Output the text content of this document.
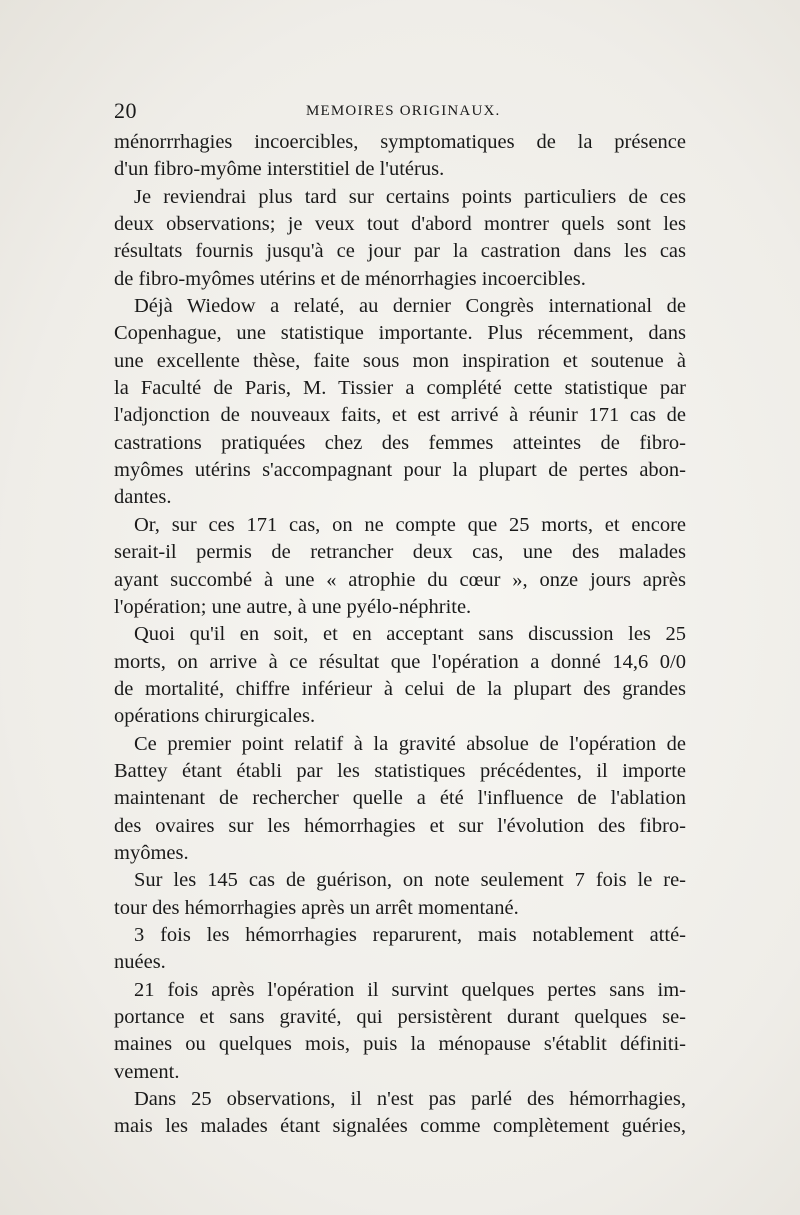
20	MEMOIRES ORIGINAUX.
ménorrrhagies incoercibles, symptomatiques de la présence
d'un fibro-myôme interstitiel de l'utérus.
Je reviendrai plus tard sur certains points particuliers de ces
deux observations; je veux tout d'abord montrer quels sont les
résultats fournis jusqu'à ce jour par la castration dans les cas
de fibro-myômes utérins et de ménorrhagies incoercibles.
Déjà Wiedow a relaté, au dernier Congrès international de
Copenhague, une statistique importante. Plus récemment, dans
une excellente thèse, faite sous mon inspiration et soutenue à
la Faculté de Paris, M. Tissier a complété cette statistique par
l'adjonction de nouveaux faits, et est arrivé à réunir 171 cas de
castrations pratiquées chez des femmes atteintes de fibro-
myômes utérins s'accompagnant pour la plupart de pertes abon-
dantes.
Or, sur ces 171 cas, on ne compte que 25 morts, et encore
serait-il permis de retrancher deux cas, une des malades
ayant succombé à une « atrophie du cœur », onze jours après
l'opération; une autre, à une pyélo-néphrite.
Quoi qu'il en soit, et en acceptant sans discussion les 25
morts, on arrive à ce résultat que l'opération a donné 14,6 0/0
de mortalité, chiffre inférieur à celui de la plupart des grandes
opérations chirurgicales.
Ce premier point relatif à la gravité absolue de l'opération de
Battey étant établi par les statistiques précédentes, il importe
maintenant de rechercher quelle a été l'influence de l'ablation
des ovaires sur les hémorrhagies et sur l'évolution des fibro-
myômes.
Sur les 145 cas de guérison, on note seulement 7 fois le re-
tour des hémorrhagies après un arrêt momentané.
3 fois les hémorrhagies reparurent, mais notablement atté-
nuées.
21 fois après l'opération il survint quelques pertes sans im-
portance et sans gravité, qui persistèrent durant quelques se-
maines ou quelques mois, puis la ménopause s'établit définiti-
vement.
Dans 25 observations, il n'est pas parlé des hémorrhagies,
mais les malades étant signalées comme complètement guéries,
